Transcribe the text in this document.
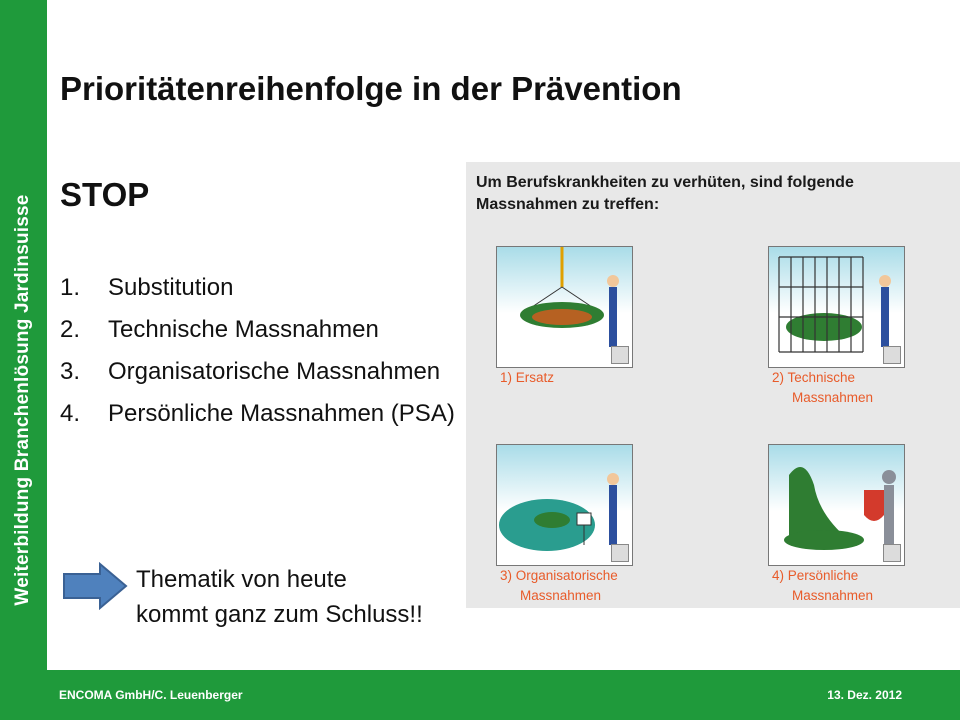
Weiterbildung Branchenlösung Jardinsuisse
Prioritätenreihenfolge in der Prävention
STOP	Um Berufskrankheiten zu verhüten, sind folgende
Massnahmen zu treffen:
1) Ersatz	2) Technische
Massnahmen
3) Organisatorische
Massnahmen
4) Persönliche
Massnahmen
1. Substitution
2. Technische Massnahmen
3. Organisatorische Massnahmen
4. Persönliche Massnahmen (PSA)
Thematik von heute
kommt ganz zum Schluss!!
ENCOMA GmbH/C. Leuenberger	13. Dez. 2012
